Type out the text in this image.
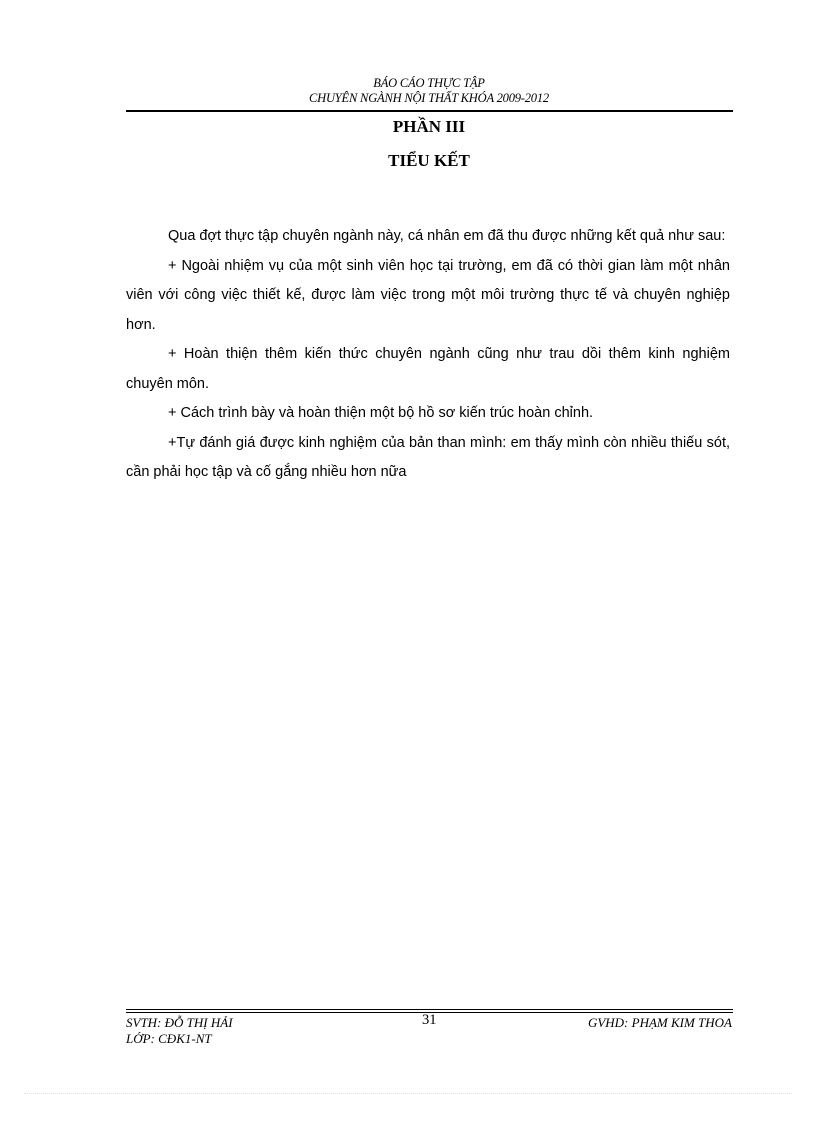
BÁO CÁO THỰC TẬP
CHUYÊN NGÀNH NỘI THẤT KHÓA 2009-2012
PHẦN III
TIỂU KẾT

Qua đợt thực tập chuyên ngành này, cá nhân em đã thu được những kết quả như sau:

+ Ngoài nhiệm vụ của một sinh viên học tại trường, em đã có thời gian làm một nhân viên với công việc thiết kế, được làm việc trong một môi trường thực tế và chuyên nghiệp hơn.

+ Hoàn thiện thêm kiến thức chuyên ngành cũng như trau dồi thêm kinh nghiệm chuyên môn.

+ Cách trình bày và hoàn thiện một bộ hồ sơ kiến trúc hoàn chỉnh.

+Tự đánh giá được kinh nghiệm của bản than mình: em thấy mình còn nhiều thiếu sót, cần phải học tập và cố gắng nhiều hơn nữa

SVTH: ĐỖ THỊ HẢI
LỚP: CĐK1-NT
31	GVHD: PHẠM KIM THOA
